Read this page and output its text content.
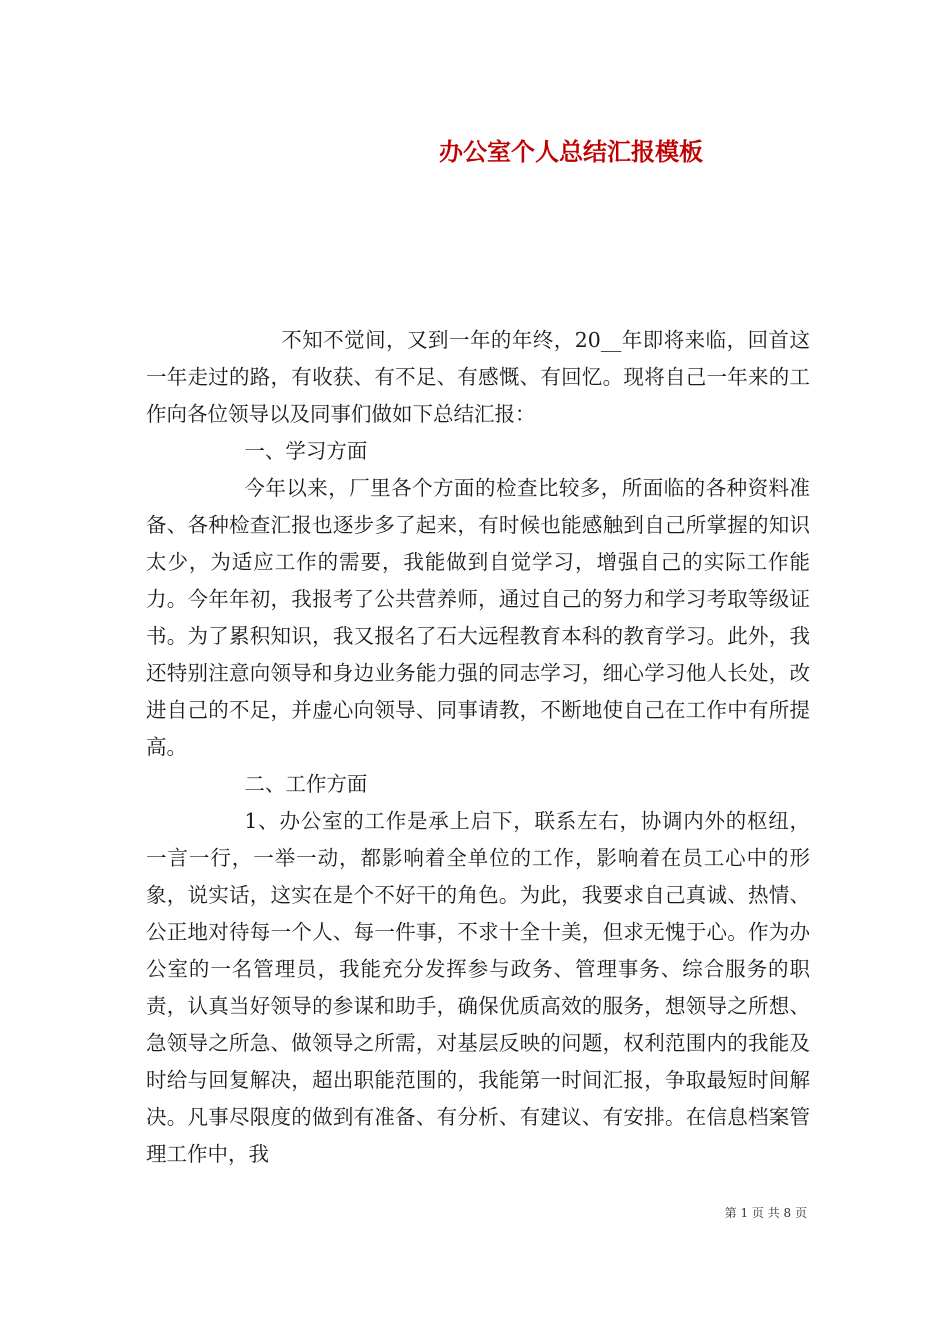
办公室个人总结汇报模板

不知不觉间，又到一年的年终，20__年即将来临，回首这一年走过的路，有收获、有不足、有感慨、有回忆。现将自己一年来的工作向各位领导以及同事们做如下总结汇报：

一、学习方面

今年以来，厂里各个方面的检查比较多，所面临的各种资料准备、各种检查汇报也逐步多了起来，有时候也能感触到自己所掌握的知识太少，为适应工作的需要，我能做到自觉学习，增强自己的实际工作能力。今年年初，我报考了公共营养师，通过自己的努力和学习考取等级证书。为了累积知识，我又报名了石大远程教育本科的教育学习。此外，我还特别注意向领导和身边业务能力强的同志学习，细心学习他人长处，改进自己的不足，并虚心向领导、同事请教，不断地使自己在工作中有所提高。

二、工作方面

1、办公室的工作是承上启下，联系左右，协调内外的枢纽，一言一行，一举一动，都影响着全单位的工作，影响着在员工心中的形象，说实话，这实在是个不好干的角色。为此，我要求自己真诚、热情、公正地对待每一个人、每一件事，不求十全十美，但求无愧于心。作为办公室的一名管理员，我能充分发挥参与政务、管理事务、综合服务的职责，认真当好领导的参谋和助手，确保优质高效的服务，想领导之所想、急领导之所急、做领导之所需，对基层反映的问题，权利范围内的我能及时给与回复解决，超出职能范围的，我能第一时间汇报，争取最短时间解决。凡事尽限度的做到有准备、有分析、有建议、有安排。在信息档案管理工作中，我

第 1 页 共 8 页
